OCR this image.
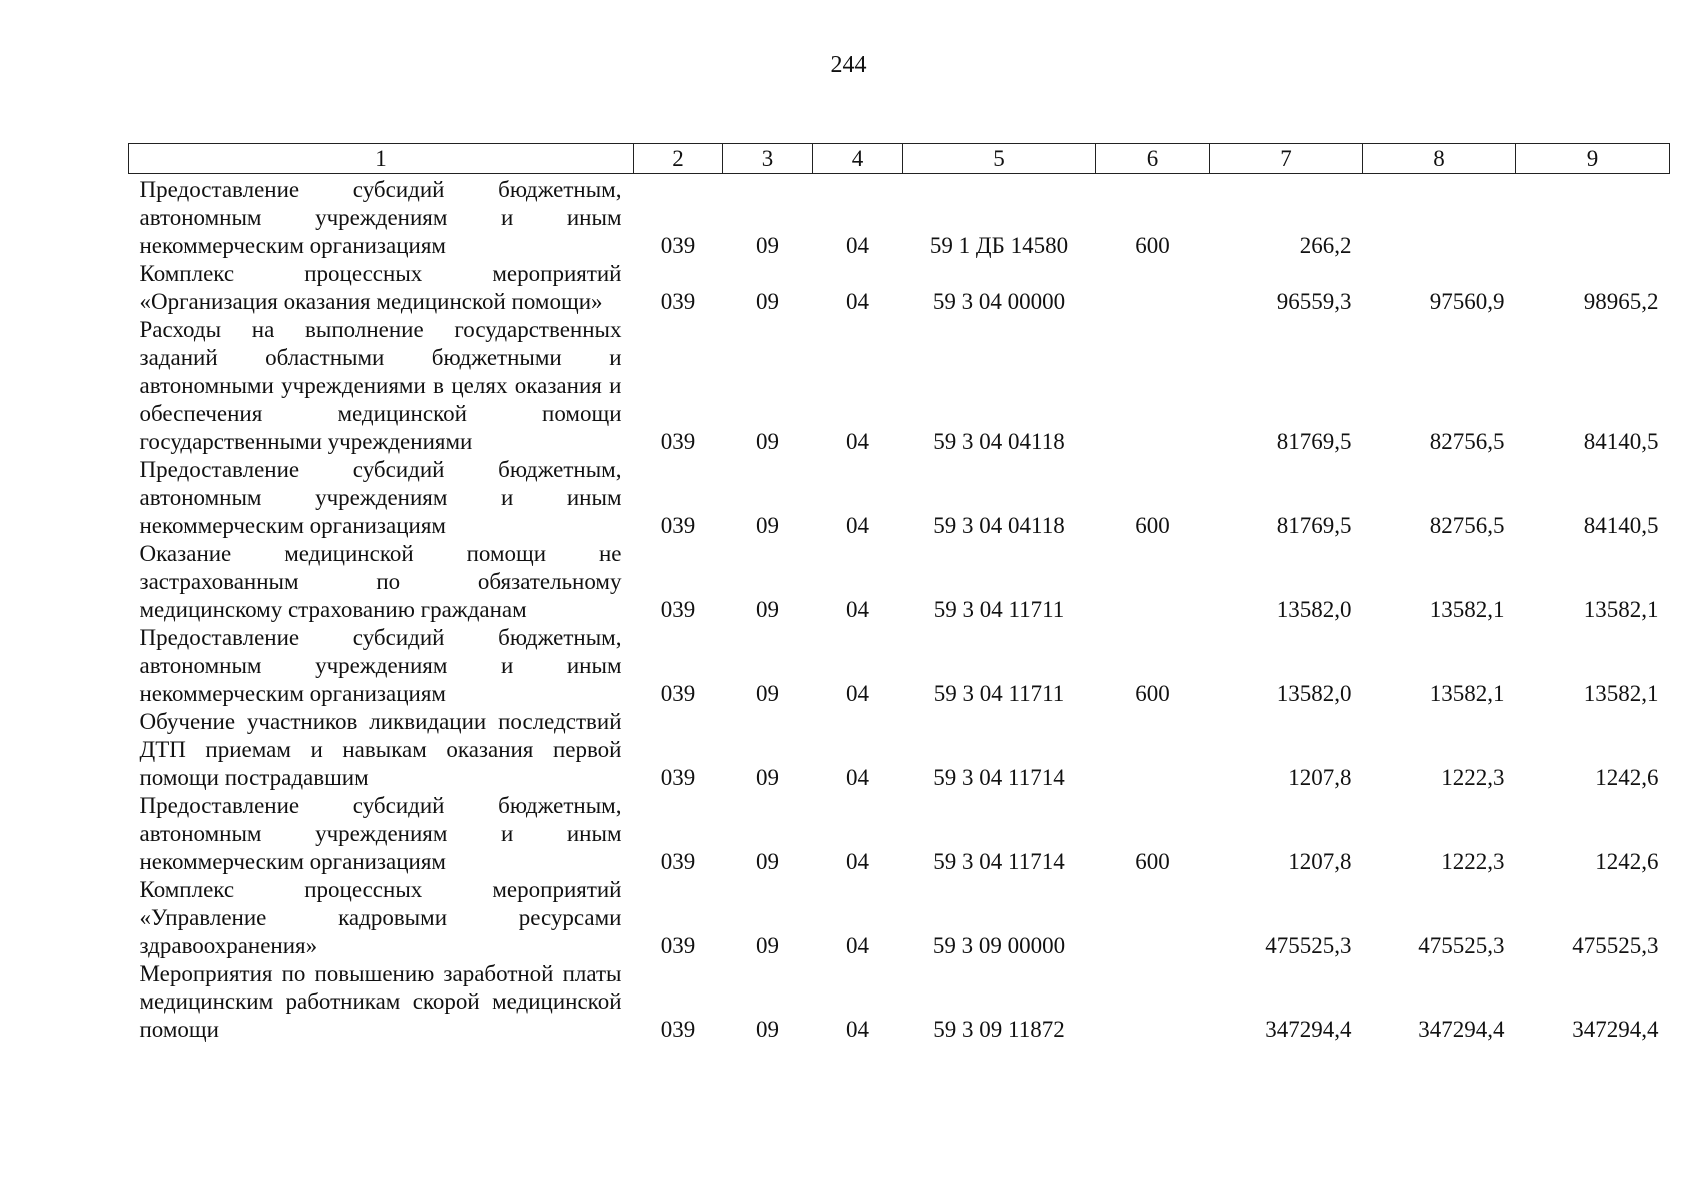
244
1	2	3	4	5	6	7	8	9
Предоставление субсидий бюджетным, автономным учреждениям и иным некоммерческим организациям	039	09	04	59 1 ДБ 14580	600	266,2		
Комплекс процессных мероприятий «Организация оказания медицинской помощи»	039	09	04	59 3 04 00000		96559,3	97560,9	98965,2
Расходы на выполнение государственных заданий областными бюджетными и автономными учреждениями в целях оказания и обеспечения медицинской помощи государственными учреждениями	039	09	04	59 3 04 04118		81769,5	82756,5	84140,5
Предоставление субсидий бюджетным, автономным учреждениям и иным некоммерческим организациям	039	09	04	59 3 04 04118	600	81769,5	82756,5	84140,5
Оказание медицинской помощи не застрахованным по обязательному медицинскому страхованию гражданам	039	09	04	59 3 04 11711		13582,0	13582,1	13582,1
Предоставление субсидий бюджетным, автономным учреждениям и иным некоммерческим организациям	039	09	04	59 3 04 11711	600	13582,0	13582,1	13582,1
Обучение участников ликвидации последствий ДТП приемам и навыкам оказания первой помощи пострадавшим	039	09	04	59 3 04 11714		1207,8	1222,3	1242,6
Предоставление субсидий бюджетным, автономным учреждениям и иным некоммерческим организациям	039	09	04	59 3 04 11714	600	1207,8	1222,3	1242,6
Комплекс процессных мероприятий «Управление кадровыми ресурсами здравоохранения»	039	09	04	59 3 09 00000		475525,3	475525,3	475525,3
Мероприятия по повышению заработной платы медицинским работникам скорой медицинской помощи	039	09	04	59 3 09 11872		347294,4	347294,4	347294,4
